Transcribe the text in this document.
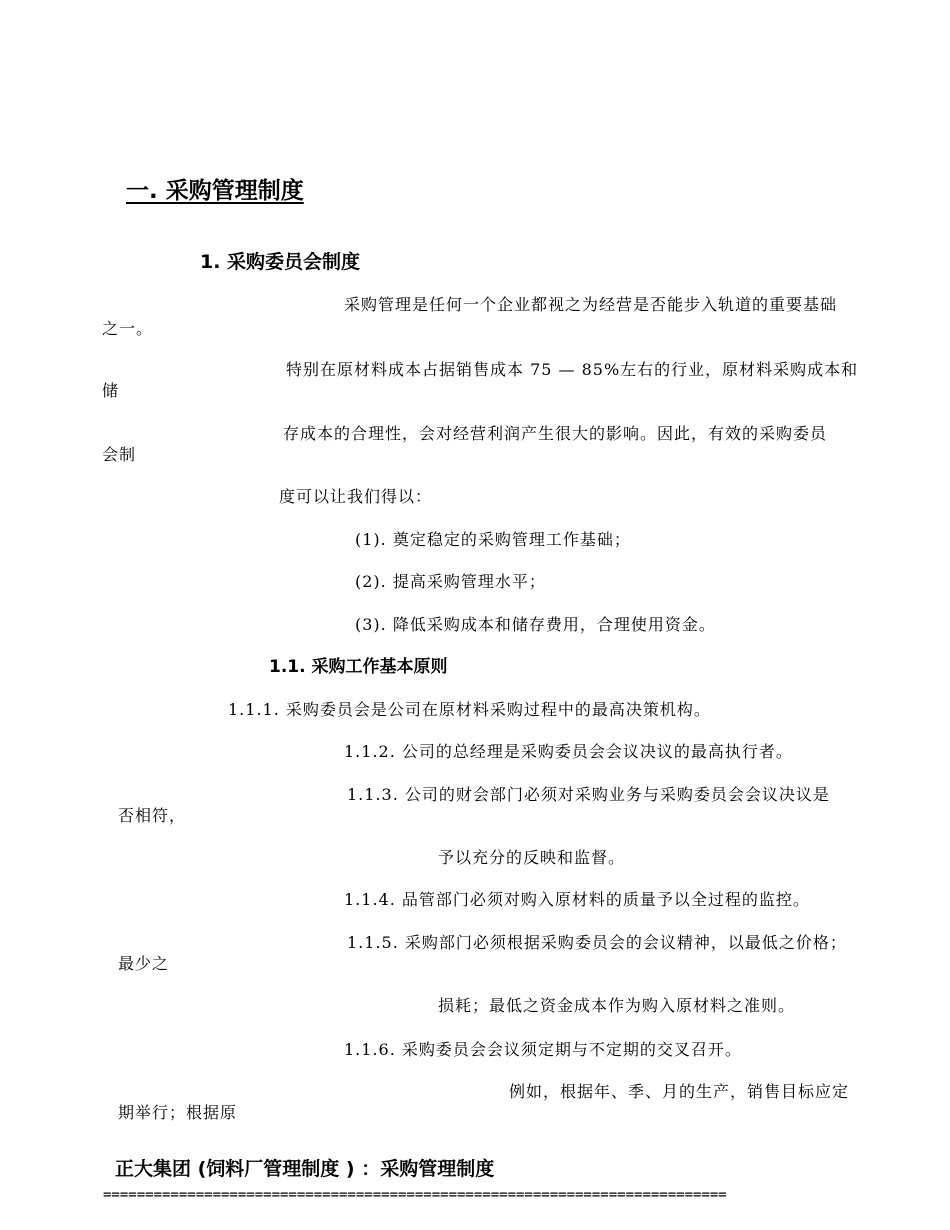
一. 采购管理制度
1. 采购委员会制度
采购管理是任何一个企业都视之为经营是否能步入轨道的重要基础
之一。
特别在原材料成本占据销售成本 75 — 85%左右的行业，原材料采购成本和
储
存成本的合理性，会对经营利润产生很大的影响。因此，有效的采购委员
会制
度可以让我们得以：
(1). 奠定稳定的采购管理工作基础；
(2). 提高采购管理水平；
(3). 降低采购成本和储存费用，合理使用资金。
1.1. 采购工作基本原则
1.1.1. 采购委员会是公司在原材料采购过程中的最高决策机构。
1.1.2. 公司的总经理是采购委员会会议决议的最高执行者。
1.1.3. 公司的财会部门必须对采购业务与采购委员会会议决议是
否相符，
予以充分的反映和监督。
1.1.4. 品管部门必须对购入原材料的质量予以全过程的监控。
1.1.5. 采购部门必须根据采购委员会的会议精神，以最低之价格；
最少之
损耗；最低之资金成本作为购入原材料之准则。
1.1.6. 采购委员会会议须定期与不定期的交叉召开。
例如，根据年、季、月的生产，销售目标应定
期举行；根据原
正大集团 (饲料厂管理制度 ) ：采购管理制度
==========================================================================
